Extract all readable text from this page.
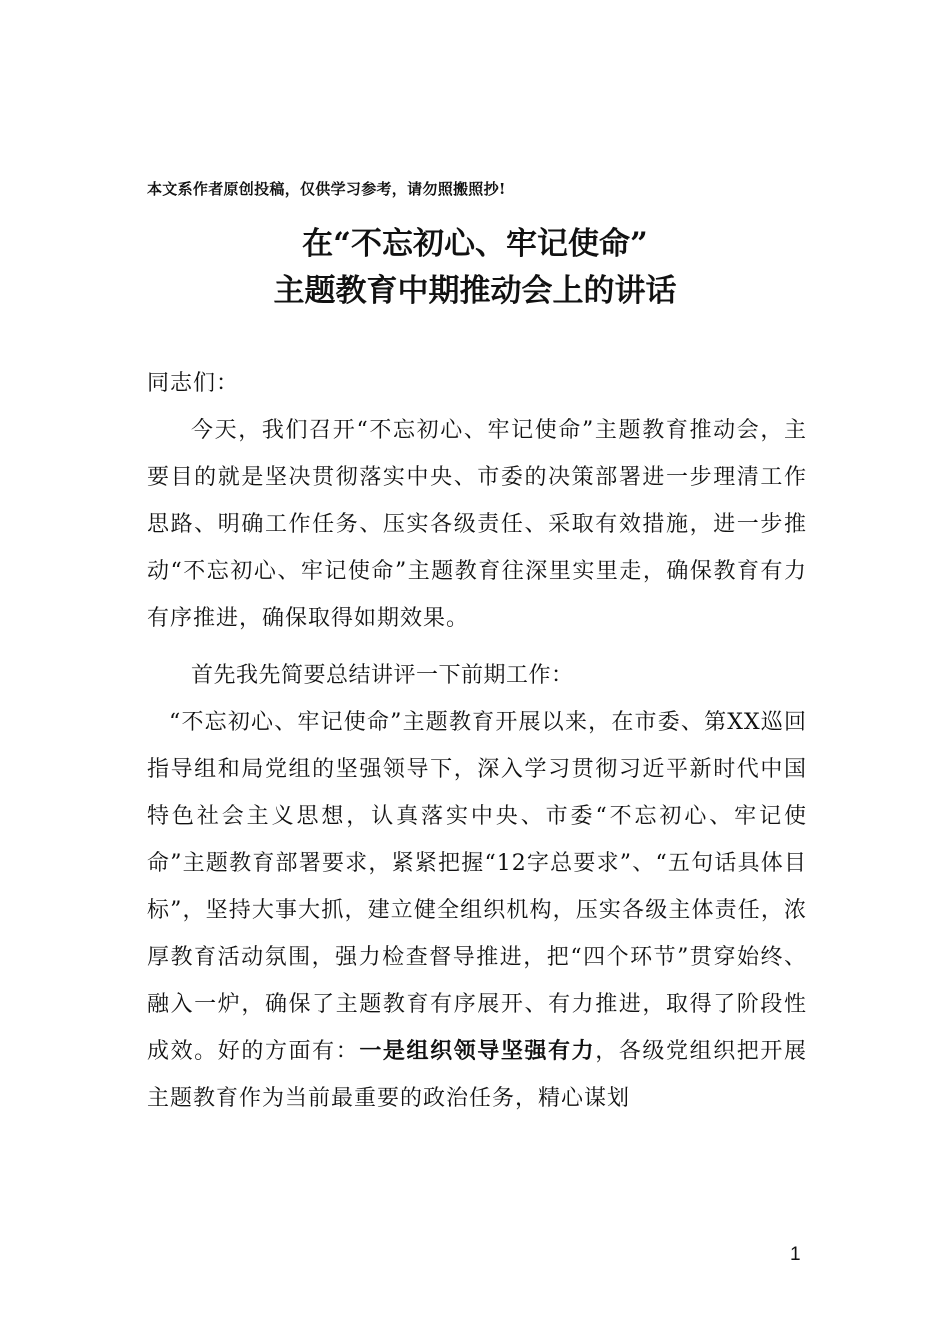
本文系作者原创投稿，仅供学习参考，请勿照搬照抄!
在“不忘初心、牢记使命”
主题教育中期推动会上的讲话

同志们：

今天，我们召开“不忘初心、牢记使命”主题教育推动会，主要目的就是坚决贯彻落实中央、市委的决策部署进一步理清工作思路、明确工作任务、压实各级责任、采取有效措施，进一步推动“不忘初心、牢记使命”主题教育往深里实里走，确保教育有力有序推进，确保取得如期效果。

首先我先简要总结讲评一下前期工作：

“不忘初心、牢记使命”主题教育开展以来，在市委、第XX巡回指导组和局党组的坚强领导下，深入学习贯彻习近平新时代中国特色社会主义思想，认真落实中央、市委“不忘初心、牢记使命”主题教育部署要求，紧紧把握“12字总要求”、“五句话具体目标”，坚持大事大抓，建立健全组织机构，压实各级主体责任，浓厚教育活动氛围，强力检查督导推进，把“四个环节”贯穿始终、融入一炉，确保了主题教育有序展开、有力推进，取得了阶段性成效。好的方面有：一是组织领导坚强有力，各级党组织把开展主题教育作为当前最重要的政治任务，精心谋划

1
